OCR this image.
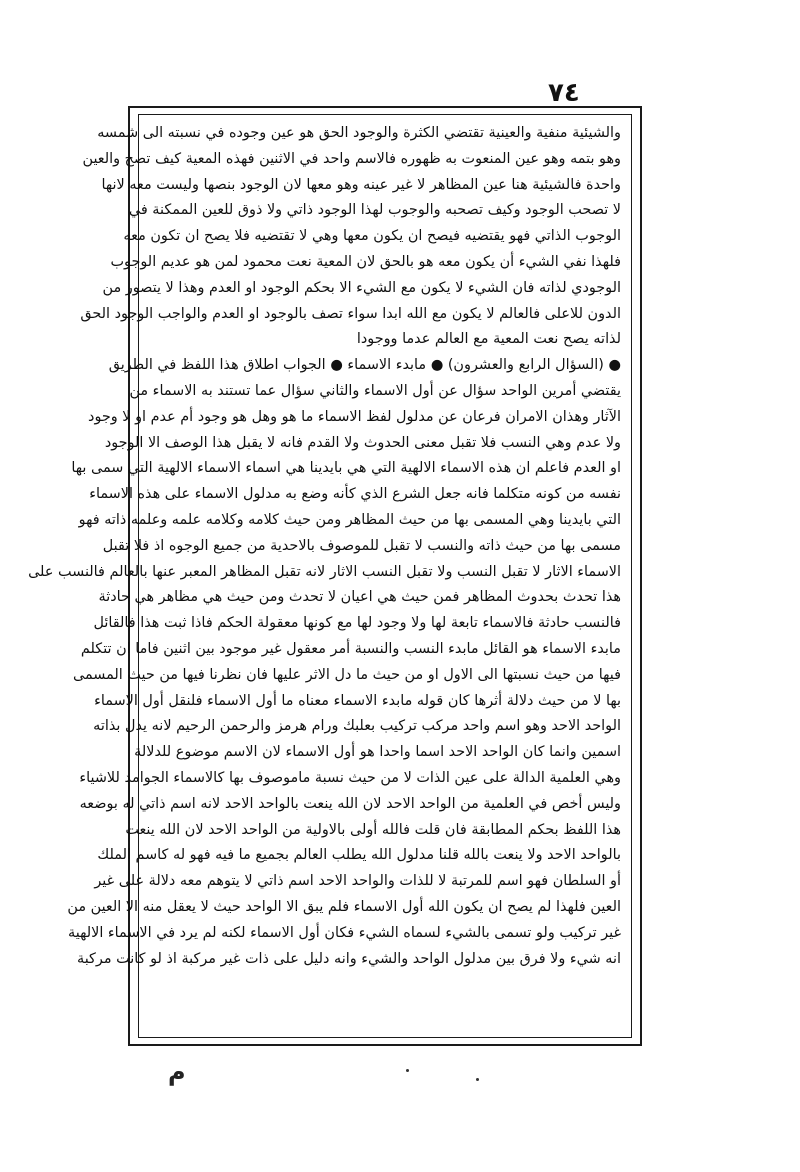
٧٤
والشيئية منفية والعينية تقتضي الكثرة والوجود الحق هو عين وجوده في نسبته الى شمسه
وهو بتمه وهو عين المنعوت به ظهوره فالاسم واحد في الاثنين فهذه المعية كيف تصح والعين
واحدة فالشيئية هنا عين المظاهر لا غير عينه وهو معها لان الوجود بنصها وليست معه لانها
لا تصحب الوجود وكيف تصحبه والوجوب لهذا الوجود ذاتي ولا ذوق للعين الممكنة في
الوجوب الذاتي فهو يقتضيه فيصح ان يكون معها وهي لا تقتضيه فلا يصح ان تكون معه
فلهذا نفي الشيء أن يكون معه هو بالحق لان المعية نعت محمود لمن هو عديم الوجوب
الوجودي لذاته فان الشيء لا يكون مع الشيء الا بحكم الوجود او العدم وهذا لا يتصور من
الدون للاعلى فالعالم لا يكون مع الله ابدا سواء تصف بالوجود او العدم والواجب الوجود الحق
لذاته يصح نعت المعية مع العالم عدما ووجودا
● (السؤال الرابع والعشرون) ● مابدء الاسماء ● الجواب اطلاق هذا اللفظ في الطريق
يقتضي أمرين الواحد سؤال عن أول الاسماء والثاني سؤال عما تستند به الاسماء من
الآثار وهذان الامران فرعان عن مدلول لفظ الاسماء ما هو وهل هو وجود أم عدم او لا وجود
ولا عدم وهي النسب فلا تقبل معنى الحدوث ولا القدم فانه لا يقبل هذا الوصف الا الوجود
او العدم فاعلم ان هذه الاسماء الالهية التي هي بايدينا هي اسماء الاسماء الالهية التي سمى بها
نفسه من كونه متكلما فانه جعل الشرع الذي كأنه وضع به مدلول الاسماء على هذه الاسماء
التي بايدينا وهي المسمى بها من حيث المظاهر ومن حيث كلامه وكلامه علمه وعلمه ذاته فهو
مسمى بها من حيث ذاته والنسب لا تقبل للموصوف بالاحدية من جميع الوجوه اذ فلا تقبل
الاسماء الاثار لا تقبل النسب ولا تقبل النسب الاثار لانه تقبل المظاهر المعبر عنها بالعالم فالنسب على
هذا تحدث بحدوث المظاهر فمن حيث هي اعيان لا تحدث ومن حيث هي مظاهر هي حادثة
فالنسب حادثة فالاسماء تابعة لها ولا وجود لها مع كونها معقولة الحكم فاذا ثبت هذا فالقائل
مابدء الاسماء هو القائل مابدء النسب والنسبة أمر معقول غير موجود بين اثنين فاما ان تتكلم
فيها من حيث نسبتها الى الاول او من حيث ما دل الاثر عليها فان نظرنا فيها من حيث المسمى
بها لا من حيث دلالة أثرها كان قوله مابدء الاسماء معناه ما أول الاسماء فلنقل أول الاسماء
الواحد الاحد وهو اسم واحد مركب تركيب بعلبك ورام هرمز والرحمن الرحيم لانه يدل بذاته
اسمين وانما كان الواحد الاحد اسما واحدا هو أول الاسماء لان الاسم موضوع للدلالة
وهي العلمية الدالة على عين الذات لا من حيث نسبة ماموصوف بها كالاسماء الجوامد للاشياء
وليس أخص في العلمية من الواحد الاحد لان الله ينعت بالواحد الاحد لانه اسم ذاتي له بوضعه
هذا اللفظ بحكم المطابقة فان قلت فالله أولى بالاولية من الواحد الاحد لان الله ينعت
بالواحد الاحد ولا ينعت بالله قلنا مدلول الله يطلب العالم بجميع ما فيه فهو له كاسم الملك
أو السلطان فهو اسم للمرتبة لا للذات والواحد الاحد اسم ذاتي لا يتوهم معه دلالة على غير
العين فلهذا لم يصح ان يكون الله أول الاسماء فلم يبق الا الواحد حيث لا يعقل منه الا العين من
غير تركيب ولو تسمى بالشيء لسماه الشيء فكان أول الاسماء لكنه لم يرد في الاسماء الالهية
انه شيء ولا فرق بين مدلول الواحد والشيء وانه دليل على ذات غير مركبة اذ لو كانت مركبة
م
